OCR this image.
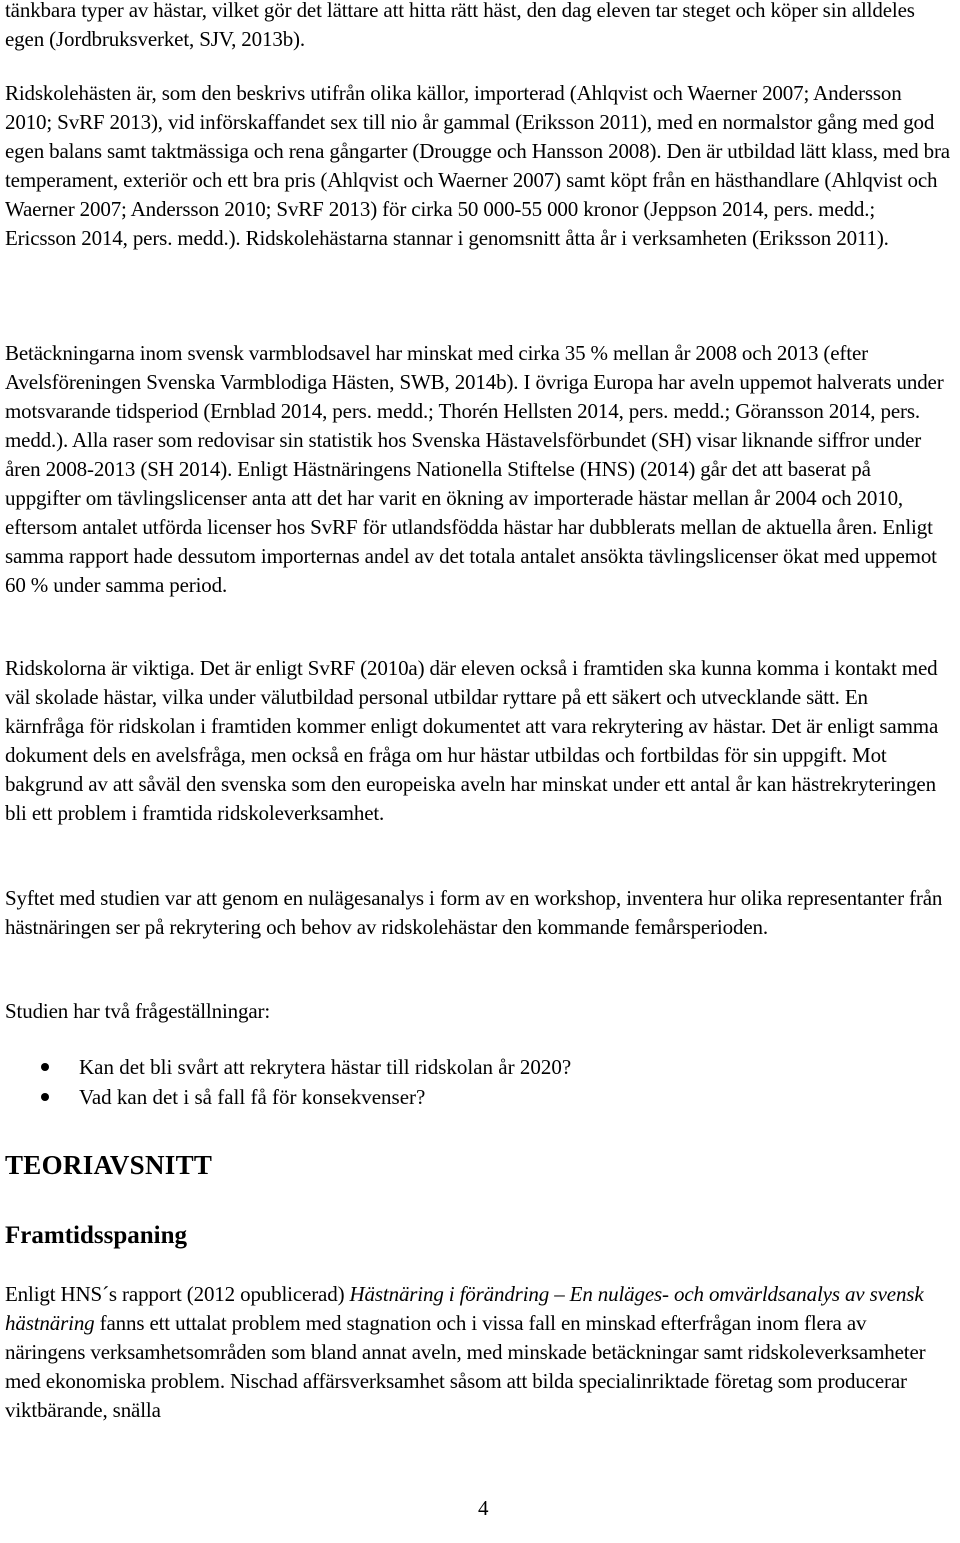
tänkbara typer av hästar, vilket gör det lättare att hitta rätt häst, den dag eleven tar steget och köper sin alldeles egen (Jordbruksverket, SJV, 2013b).

Ridskolehästen är, som den beskrivs utifrån olika källor, importerad (Ahlqvist och Waerner 2007; Andersson 2010; SvRF 2013), vid införskaffandet sex till nio år gammal (Eriksson 2011), med en normalstor gång med god egen balans samt taktmässiga och rena gångarter (Drougge och Hansson 2008). Den är utbildad lätt klass, med bra temperament, exteriör och ett bra pris (Ahlqvist och Waerner 2007) samt köpt från en hästhandlare (Ahlqvist och Waerner 2007; Andersson 2010; SvRF 2013) för cirka 50 000-55 000 kronor (Jeppson 2014, pers. medd.; Ericsson 2014, pers. medd.). Ridskolehästarna stannar i genomsnitt åtta år i verksamheten (Eriksson 2011).

Betäckningarna inom svensk varmblodsavel har minskat med cirka 35 % mellan år 2008 och 2013 (efter Avelsföreningen Svenska Varmblodiga Hästen, SWB, 2014b). I övriga Europa har aveln uppemot halverats under motsvarande tidsperiod (Ernblad 2014, pers. medd.; Thorén Hellsten 2014, pers. medd.; Göransson 2014, pers. medd.). Alla raser som redovisar sin statistik hos Svenska Hästavelsförbundet (SH) visar liknande siffror under åren 2008-2013 (SH 2014). Enligt Hästnäringens Nationella Stiftelse (HNS) (2014) går det att baserat på uppgifter om tävlingslicenser anta att det har varit en ökning av importerade hästar mellan år 2004 och 2010, eftersom antalet utförda licenser hos SvRF för utlandsfödda hästar har dubblerats mellan de aktuella åren. Enligt samma rapport hade dessutom importernas andel av det totala antalet ansökta tävlingslicenser ökat med uppemot 60 % under samma period.

Ridskolorna är viktiga. Det är enligt SvRF (2010a) där eleven också i framtiden ska kunna komma i kontakt med väl skolade hästar, vilka under välutbildad personal utbildar ryttare på ett säkert och utvecklande sätt. En kärnfråga för ridskolan i framtiden kommer enligt dokumentet att vara rekrytering av hästar. Det är enligt samma dokument dels en avelsfråga, men också en fråga om hur hästar utbildas och fortbildas för sin uppgift. Mot bakgrund av att såväl den svenska som den europeiska aveln har minskat under ett antal år kan hästrekryteringen bli ett problem i framtida ridskoleverksamhet.

Syftet med studien var att genom en nulägesanalys i form av en workshop, inventera hur olika representanter från hästnäringen ser på rekrytering och behov av ridskolehästar den kommande femårsperioden.

Studien har två frågeställningar:

Kan det bli svårt att rekrytera hästar till ridskolan år 2020?
Vad kan det i så fall få för konsekvenser?
TEORIAVSNITT
Framtidsspaning

Enligt HNS´s rapport (2012 opublicerad) Hästnäring i förändring – En nuläges- och omvärldsanalys av svensk hästnäring fanns ett uttalat problem med stagnation och i vissa fall en minskad efterfrågan inom flera av näringens verksamhetsområden som bland annat aveln, med minskade betäckningar samt ridskoleverksamheter med ekonomiska problem. Nischad affärsverksamhet såsom att bilda specialinriktade företag som producerar viktbärande, snälla

4
